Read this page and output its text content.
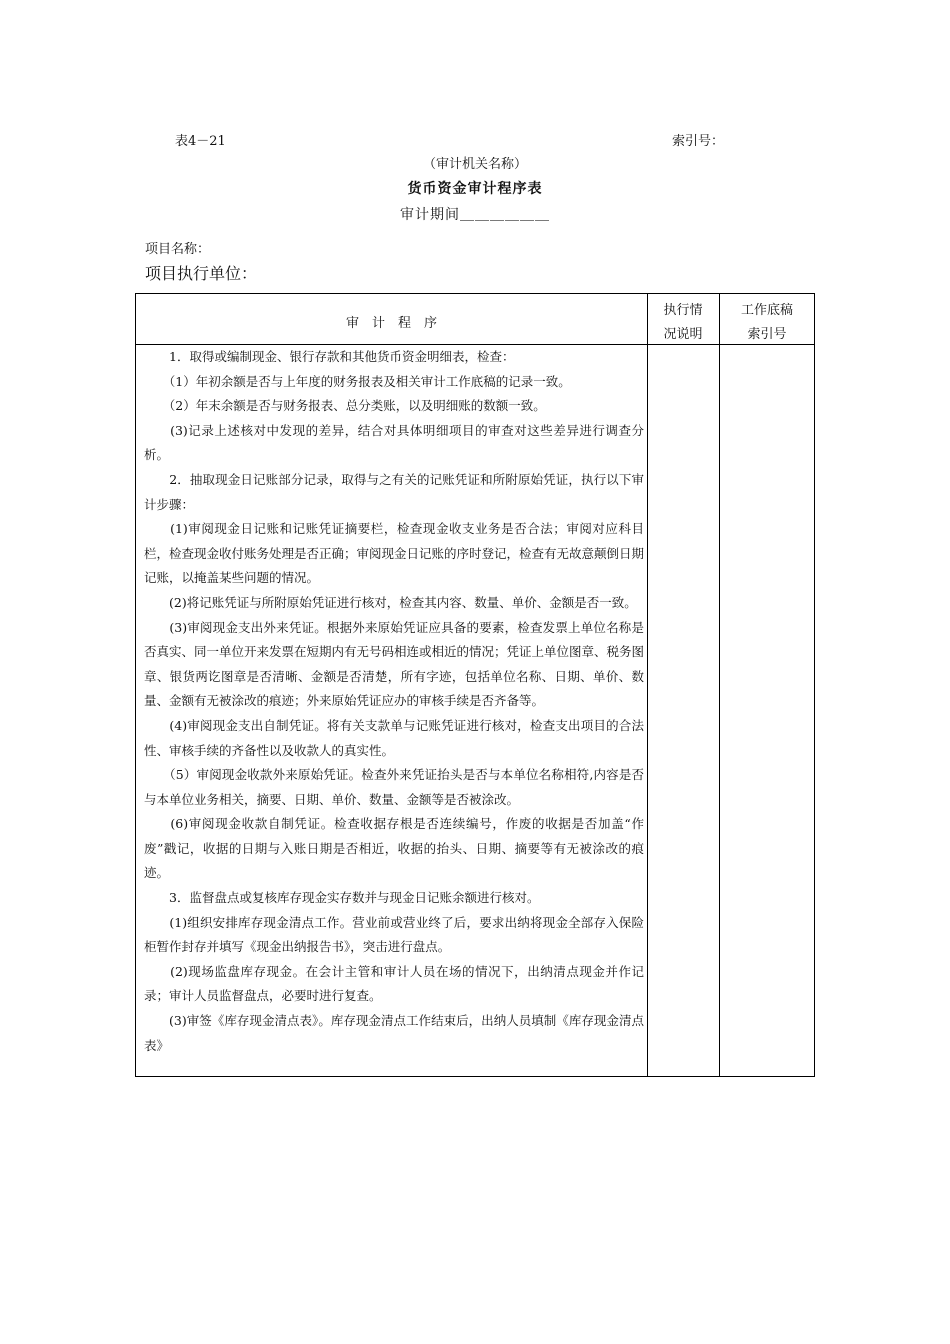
表4－21	索引号：
（审计机关名称）
货币资金审计程序表
审计期间＿＿＿＿＿＿
项目名称：
项目执行单位：
审　计　程　序
执行情
况说明
工作底稿
索引号

　　1．取得或编制现金、银行存款和其他货币资金明细表，检查：

　　（1）年初余额是否与上年度的财务报表及相关审计工作底稿的记录一致。

　　（2）年末余额是否与财务报表、总分类账，以及明细账的数额一致。

　　(3)记录上述核对中发现的差异，结合对具体明细项目的审查对这些差异进行调查分析。

　　2．抽取现金日记账部分记录，取得与之有关的记账凭证和所附原始凭证，执行以下审计步骤：

　　(1)审阅现金日记账和记账凭证摘要栏，检查现金收支业务是否合法；审阅对应科目栏，检查现金收付账务处理是否正确；审阅现金日记账的序时登记，检查有无故意颠倒日期记账，以掩盖某些问题的情况。

　　(2)将记账凭证与所附原始凭证进行核对，检查其内容、数量、单价、金额是否一致。

　　(3)审阅现金支出外来凭证。根据外来原始凭证应具备的要素，检查发票上单位名称是否真实、同一单位开来发票在短期内有无号码相连或相近的情况；凭证上单位图章、税务图章、银货两讫图章是否清晰、金额是否清楚，所有字迹，包括单位名称、日期、单价、数量、金额有无被涂改的痕迹；外来原始凭证应办的审核手续是否齐备等。

　　(4)审阅现金支出自制凭证。将有关支款单与记账凭证进行核对，检查支出项目的合法性、审核手续的齐备性以及收款人的真实性。

　　（5）审阅现金收款外来原始凭证。检查外来凭证抬头是否与本单位名称相符,内容是否与本单位业务相关，摘要、日期、单价、数量、金额等是否被涂改。

　　(6)审阅现金收款自制凭证。检查收据存根是否连续编号，作废的收据是否加盖“作废”戳记，收据的日期与入账日期是否相近，收据的抬头、日期、摘要等有无被涂改的痕迹。

　　3．监督盘点或复核库存现金实存数并与现金日记账余额进行核对。

　　(1)组织安排库存现金清点工作。营业前或营业终了后，要求出纳将现金全部存入保险柜暂作封存并填写《现金出纳报告书》，突击进行盘点。

　　(2)现场监盘库存现金。在会计主管和审计人员在场的情况下，出纳清点现金并作记录；审计人员监督盘点，必要时进行复查。

　　(3)审签《库存现金清点表》。库存现金清点工作结束后，出纳人员填制《库存现金清点表》
